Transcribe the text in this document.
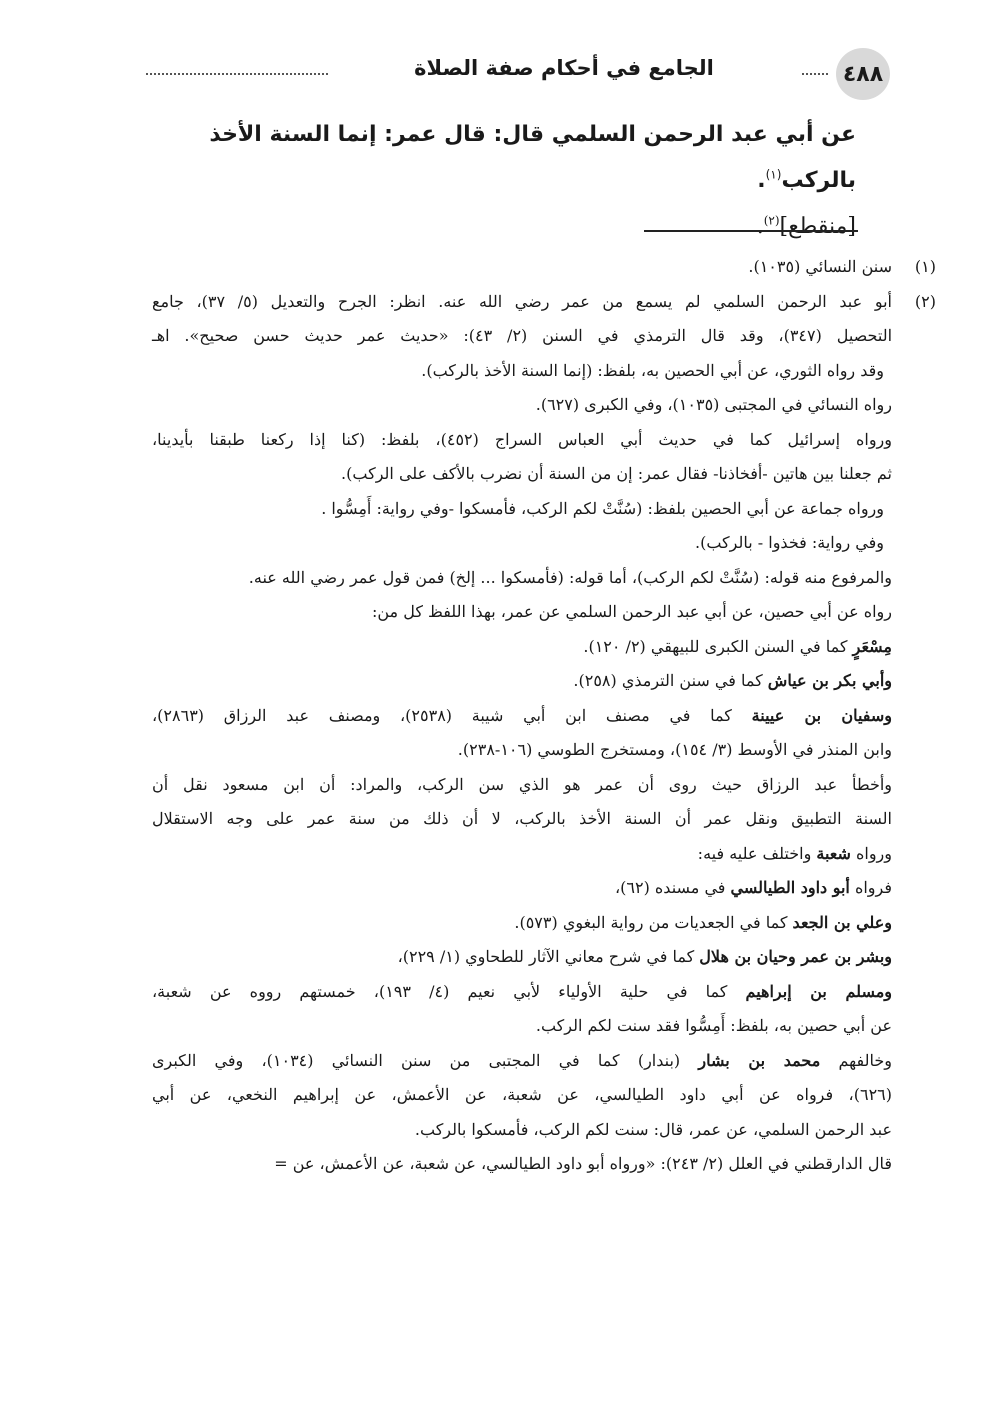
٤٨٨
الجامع في أحكام صفة الصلاة
عن أبي عبد الرحمن السلمي قال: قال عمر: إنما السنة الأخذ بالركب$^{(١)}$.
[منقطع]$^{(٢)}$.
(١)
سنن النسائي (١٠٣٥).
(٢)
أبو عبد الرحمن السلمي لم يسمع من عمر رضي الله عنه. انظر: الجرح والتعديل (٥/ ٣٧)، جامع
التحصيل (٣٤٧)، وقد قال الترمذي في السنن (٢/ ٤٣): «حديث عمر حديث حسن صحيح». اهـ
وقد رواه الثوري، عن أبي الحصين به، بلفظ: (إنما السنة الأخذ بالركب).
رواه النسائي في المجتبى (١٠٣٥)، وفي الكبرى (٦٢٧).
ورواه إسرائيل كما في حديث أبي العباس السراج (٤٥٢)، بلفظ: (كنا إذا ركعنا طبقنا بأيدينا،
ثم جعلنا بين هاتين -أفخاذنا- فقال عمر: إن من السنة أن نضرب بالأكف على الركب).
ورواه جماعة عن أبي الحصين بلفظ: (سُنَّتْ لكم الركب، فأمسكوا -وفي رواية: أَمِسُّوا .
وفي رواية: فخذوا - بالركب).
والمرفوع منه قوله: (سُنَّتْ لكم الركب)، أما قوله: (فأمسكوا ... إلخ) فمن قول عمر رضي الله عنه.
رواه عن أبي حصين، عن أبي عبد الرحمن السلمي عن عمر، بهذا اللفظ كل من:
مِسْعَرٍ كما في السنن الكبرى للبيهقي (٢/ ١٢٠).
وأبي بكر بن عياش كما في سنن الترمذي (٢٥٨).
وسفيان بن عيينة كما في مصنف ابن أبي شيبة (٢٥٣٨)، ومصنف عبد الرزاق (٢٨٦٣)،
وابن المنذر في الأوسط (٣/ ١٥٤)، ومستخرج الطوسي (١٠٦-٢٣٨).
وأخطأ عبد الرزاق حيث روى أن عمر هو الذي سن الركب، والمراد: أن ابن مسعود نقل أن
السنة التطبيق ونقل عمر أن السنة الأخذ بالركب، لا أن ذلك من سنة عمر على وجه الاستقلال
ورواه شعبة واختلف عليه فيه:
فرواه أبو داود الطيالسي في مسنده (٦٢)،
وعلي بن الجعد كما في الجعديات من رواية البغوي (٥٧٣).
وبشر بن عمر وحيان بن هلال كما في شرح معاني الآثار للطحاوي (١/ ٢٢٩)،
ومسلم بن إبراهيم كما في حلية الأولياء لأبي نعيم (٤/ ١٩٣)، خمستهم رووه عن شعبة،
عن أبي حصين به، بلفظ: أَمِسُّوا فقد سنت لكم الركب.
وخالفهم محمد بن بشار (بندار) كما في المجتبى من سنن النسائي (١٠٣٤)، وفي الكبرى
(٦٢٦)، فرواه عن أبي داود الطيالسي، عن شعبة، عن الأعمش، عن إبراهيم النخعي، عن أبي
عبد الرحمن السلمي، عن عمر، قال: سنت لكم الركب، فأمسكوا بالركب.
قال الدارقطني في العلل (٢/ ٢٤٣): «ورواه أبو داود الطيالسي، عن شعبة، عن الأعمش، عن =
